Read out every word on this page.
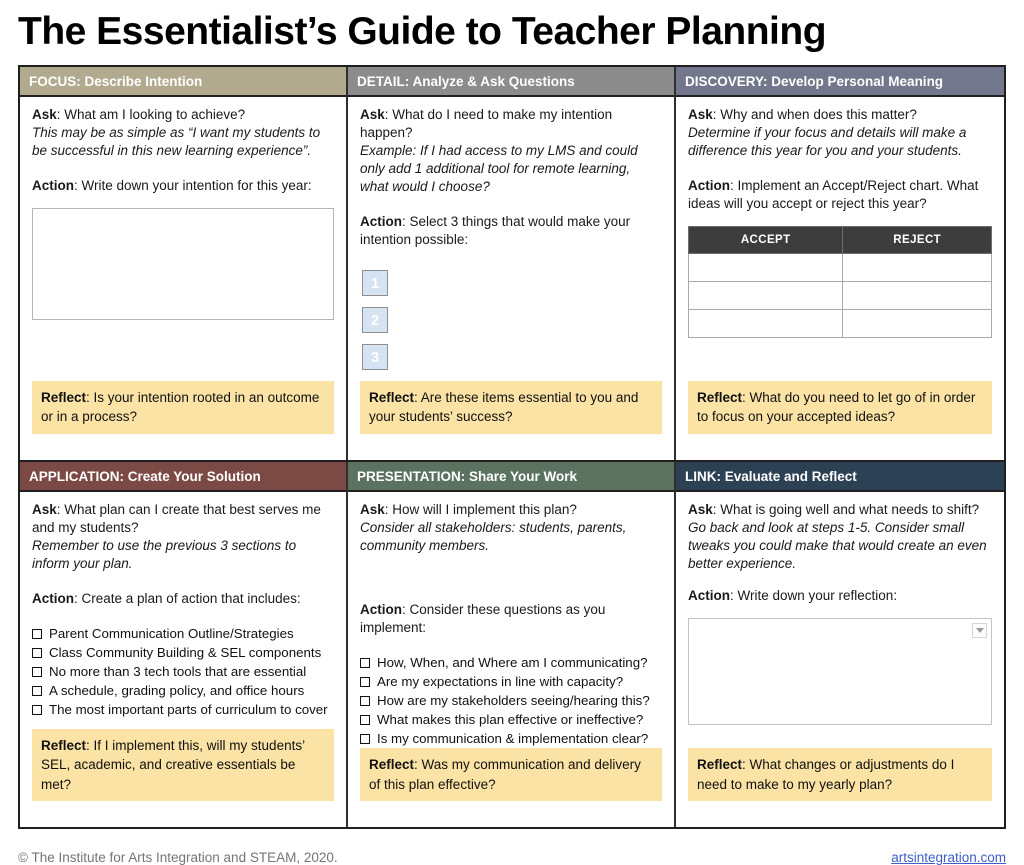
The Essentialist’s Guide to Teacher Planning
FOCUS: Describe Intention

Ask: What am I looking to achieve?

This may be as simple as “I want my students to be successful in this new learning experience”.

Action: Write down your intention for this year:

Reflect: Is your intention rooted in an outcome or in a process?
DETAIL: Analyze & Ask Questions

Ask: What do I need to make my intention happen?

Example: If I had access to my LMS and could only add 1 additional tool for remote learning, what would I choose?

Action: Select 3 things that would make your intention possible:

1
2
3
Reflect: Are these items essential to you and your students’ success?
DISCOVERY: Develop Personal Meaning

Ask: Why and when does this matter?

Determine if your focus and details will make a difference this year for you and your students.

Action: Implement an Accept/Reject chart. What ideas will you accept or reject this year?

ACCEPT	REJECT

Reflect: What do you need to let go of in order to focus on your accepted ideas?
APPLICATION: Create Your Solution

Ask: What plan can I create that best serves me and my students?

Remember to use the previous 3 sections to inform your plan.

Action: Create a plan of action that includes:

Parent Communication Outline/Strategies
Class Community Building & SEL components
No more than 3 tech tools that are essential
A schedule, grading policy, and office hours
The most important parts of curriculum to cover
Reflect: If I implement this, will my students’ SEL, academic, and creative essentials be met?
PRESENTATION: Share Your Work

Ask: How will I implement this plan?

Consider all stakeholders: students, parents, community members.

Action: Consider these questions as you implement:

How, When, and Where am I communicating?
Are my expectations in line with capacity?
How are my stakeholders seeing/hearing this?
What makes this plan effective or ineffective?
Is my communication & implementation clear?
Reflect: Was my communication and delivery of this plan effective?
LINK: Evaluate and Reflect

Ask: What is going well and what needs to shift?

Go back and look at steps 1-5. Consider small tweaks you could make that would create an even better experience.

Action: Write down your reflection:

Reflect: What changes or adjustments do I need to make to my yearly plan?
© The Institute for Arts Integration and STEAM, 2020.	artsintegration.com
